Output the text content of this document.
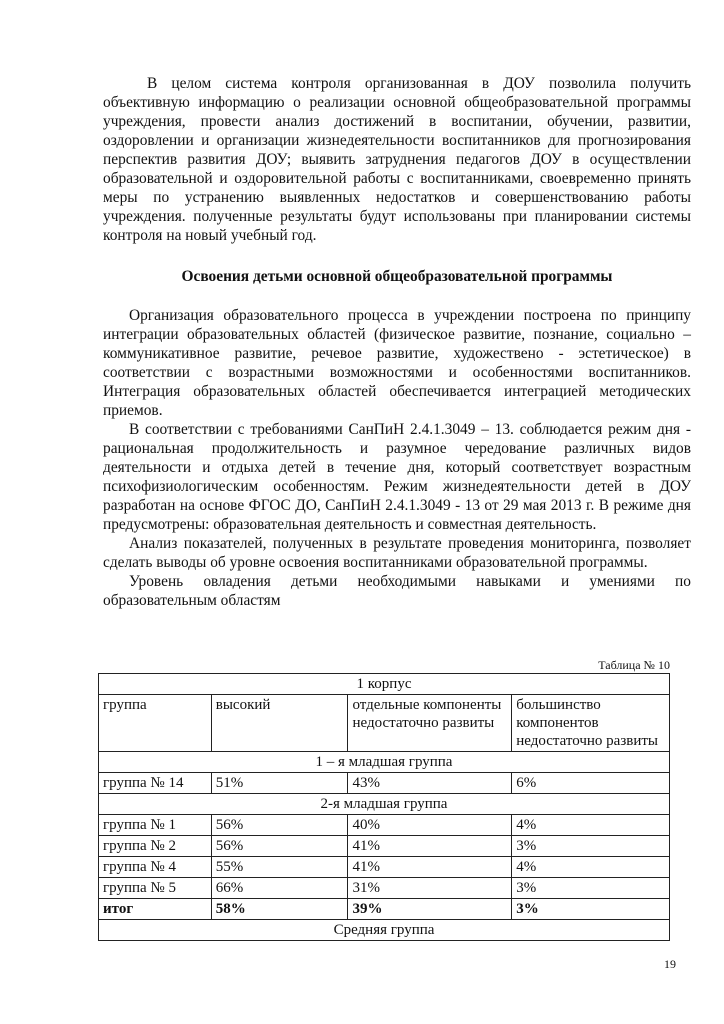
В целом система контроля организованная в ДОУ позволила получить объективную информацию о реализации основной общеобразовательной программы учреждения, провести анализ достижений в воспитании, обучении, развитии, оздоровлении и организации жизнедеятельности воспитанников для прогнозирования перспектив развития ДОУ; выявить затруднения педагогов ДОУ в осуществлении образовательной и оздоровительной работы с воспитанниками, своевременно принять меры по устранению выявленных недостатков и совершенствованию работы учреждения. полученные результаты будут использованы при планировании системы контроля на новый учебный год.

Освоения детьми основной общеобразовательной программы

Организация образовательного процесса в учреждении построена по принципу интеграции образовательных областей (физическое развитие, познание, социально – коммуникативное развитие, речевое развитие, художествено - эстетическое) в соответствии с возрастными возможностями и особенностями воспитанников. Интеграция образовательных областей обеспечивается интеграцией методических приемов.

В соответствии с требованиями СанПиН 2.4.1.3049 – 13. соблюдается режим дня - рациональная продолжительность и разумное чередование различных видов деятельности и отдыха детей в течение дня, который соответствует возрастным психофизиологическим особенностям. Режим жизнедеятельности детей в ДОУ разработан на основе ФГОС ДО, СанПиН 2.4.1.3049 - 13 от 29 мая 2013 г. В режиме дня предусмотрены: образовательная деятельность и совместная деятельность.

Анализ показателей, полученных в результате проведения мониторинга, позволяет сделать выводы об уровне освоения воспитанниками образовательной программы.

Уровень овладения детьми необходимыми навыками и умениями по образовательным областям

Таблица № 10
1 корпус			
группа	высокий	отдельные компоненты недостаточно развиты	большинство компонентов недостаточно развиты
1 – я младшая группа			
группа № 14	51%	43%	6%
2-я младшая группа			
группа № 1	56%	40%	4%
группа № 2	56%	41%	3%
группа № 4	55%	41%	4%
группа № 5	66%	31%	3%
итог	58%	39%	3%
Средняя группа			
19
